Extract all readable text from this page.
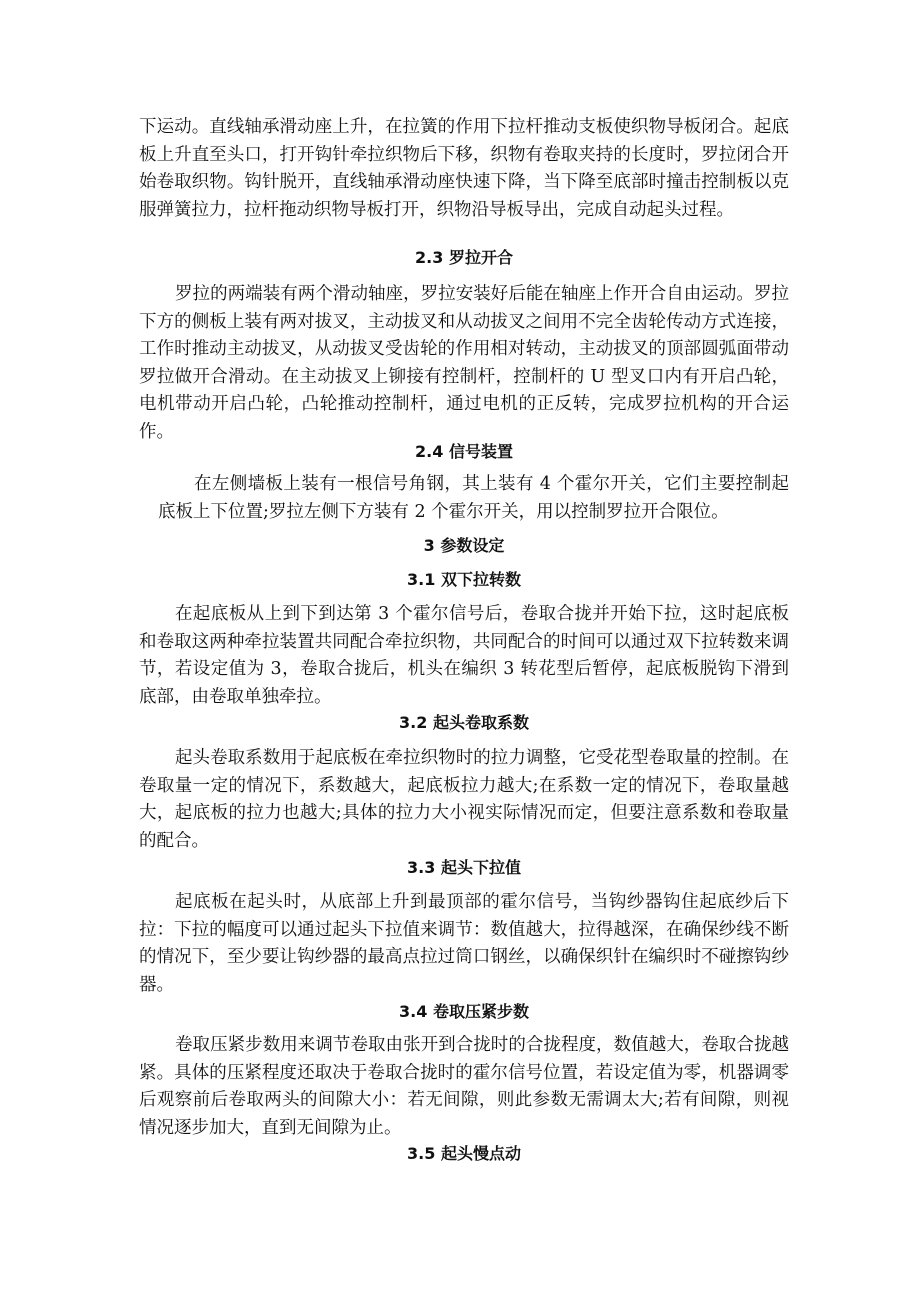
下运动。直线轴承滑动座上升，在拉簧的作用下拉杆推动支板使织物导板闭合。起底板上升直至头口，打开钩针牵拉织物后下移，织物有卷取夹持的长度时，罗拉闭合开始卷取织物。钩针脱开，直线轴承滑动座快速下降，当下降至底部时撞击控制板以克服弹簧拉力，拉杆拖动织物导板打开，织物沿导板导出，完成自动起头过程。

2.3 罗拉开合

罗拉的两端装有两个滑动轴座，罗拉安装好后能在轴座上作开合自由运动。罗拉下方的侧板上装有两对拔叉，主动拔叉和从动拔叉之间用不完全齿轮传动方式连接，工作时推动主动拔叉，从动拔叉受齿轮的作用相对转动，主动拔叉的顶部圆弧面带动罗拉做开合滑动。在主动拔叉上铆接有控制杆，控制杆的 U 型叉口内有开启凸轮，电机带动开启凸轮，凸轮推动控制杆，通过电机的正反转，完成罗拉机构的开合运作。

2.4 信号装置

在左侧墙板上装有一根信号角钢，其上装有 4 个霍尔开关，它们主要控制起底板上下位置;罗拉左侧下方装有 2 个霍尔开关，用以控制罗拉开合限位。

3 参数设定
3.1 双下拉转数

在起底板从上到下到达第 3 个霍尔信号后，卷取合拢并开始下拉，这时起底板和卷取这两种牵拉装置共同配合牵拉织物，共同配合的时间可以通过双下拉转数来调节，若设定值为 3，卷取合拢后，机头在编织 3 转花型后暂停，起底板脱钩下滑到底部，由卷取单独牵拉。

3.2 起头卷取系数

起头卷取系数用于起底板在牵拉织物时的拉力调整，它受花型卷取量的控制。在卷取量一定的情况下，系数越大，起底板拉力越大;在系数一定的情况下，卷取量越大，起底板的拉力也越大;具体的拉力大小视实际情况而定，但要注意系数和卷取量的配合。

3.3 起头下拉值

起底板在起头时，从底部上升到最顶部的霍尔信号，当钩纱器钩住起底纱后下拉：下拉的幅度可以通过起头下拉值来调节：数值越大，拉得越深，在确保纱线不断的情况下，至少要让钩纱器的最高点拉过筒口钢丝，以确保织针在编织时不碰擦钩纱器。

3.4 卷取压紧步数

卷取压紧步数用来调节卷取由张开到合拢时的合拢程度，数值越大，卷取合拢越紧。具体的压紧程度还取决于卷取合拢时的霍尔信号位置，若设定值为零，机器调零后观察前后卷取两头的间隙大小：若无间隙，则此参数无需调太大;若有间隙，则视情况逐步加大，直到无间隙为止。

3.5 起头慢点动
